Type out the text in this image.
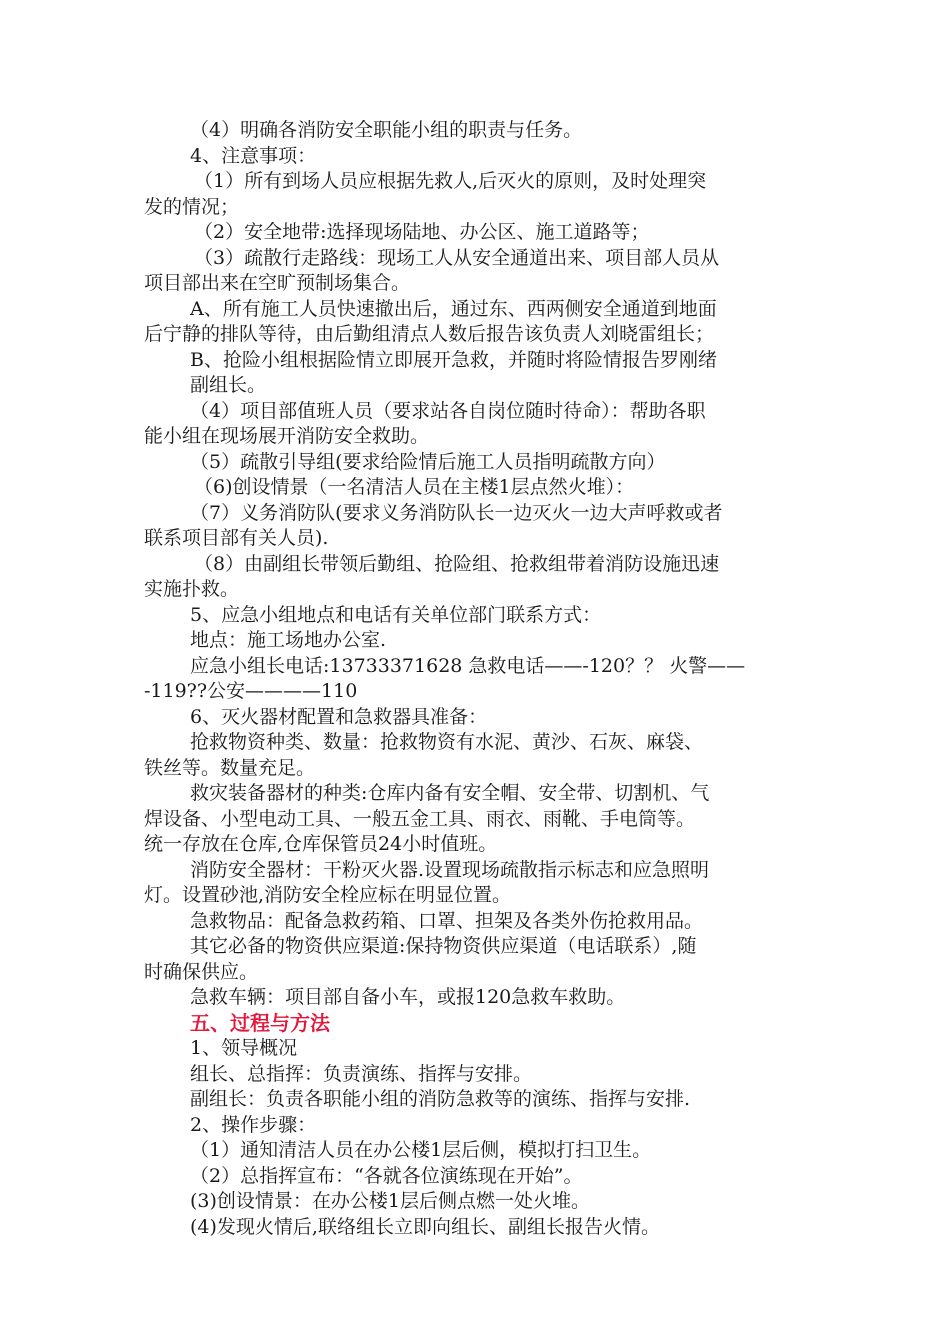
（4）明确各消防安全职能小组的职责与任务。
4、注意事项：
（1）所有到场人员应根据先救人,后灭火的原则，及时处理突
发的情况；
（2）安全地带:选择现场陆地、办公区、施工道路等；
（3）疏散行走路线：现场工人从安全通道出来、项目部人员从
项目部出来在空旷预制场集合。
A、所有施工人员快速撤出后，通过东、西两侧安全通道到地面
后宁静的排队等待，由后勤组清点人数后报告该负责人刘晓雷组长；
B、抢险小组根据险情立即展开急救，并随时将险情报告罗刚绪
副组长。
（4）项目部值班人员（要求站各自岗位随时待命）：帮助各职
能小组在现场展开消防安全救助。
（5）疏散引导组(要求给险情后施工人员指明疏散方向）
（6)创设情景（一名清洁人员在主楼1层点然火堆）：
（7）义务消防队(要求义务消防队长一边灭火一边大声呼救或者
联系项目部有关人员).
（8）由副组长带领后勤组、抢险组、抢救组带着消防设施迅速
实施扑救。
5、应急小组地点和电话有关单位部门联系方式：
地点：施工场地办公室.
应急小组长电话:13733371628 急救电话——-120？？ 火警——
-119??公安————110
6、灭火器材配置和急救器具准备：
抢救物资种类、数量：抢救物资有水泥、黄沙、石灰、麻袋、
铁丝等。数量充足。
救灾装备器材的种类:仓库内备有安全帽、安全带、切割机、气
焊设备、小型电动工具、一般五金工具、雨衣、雨靴、手电筒等。
统一存放在仓库,仓库保管员24小时值班。
消防安全器材：干粉灭火器.设置现场疏散指示标志和应急照明
灯。设置砂池,消防安全栓应标在明显位置。
急救物品：配备急救药箱、口罩、担架及各类外伤抢救用品。
其它必备的物资供应渠道:保持物资供应渠道（电话联系）,随
时确保供应。
急救车辆：项目部自备小车，或报120急救车救助。
五、过程与方法
1、领导概况
组长、总指挥：负责演练、指挥与安排。
副组长：负责各职能小组的消防急救等的演练、指挥与安排.
2、操作步骤：
（1）通知清洁人员在办公楼1层后侧，模拟打扫卫生。
（2）总指挥宣布：“各就各位演练现在开始”。
(3)创设情景：在办公楼1层后侧点燃一处火堆。
(4)发现火情后,联络组长立即向组长、副组长报告火情。
